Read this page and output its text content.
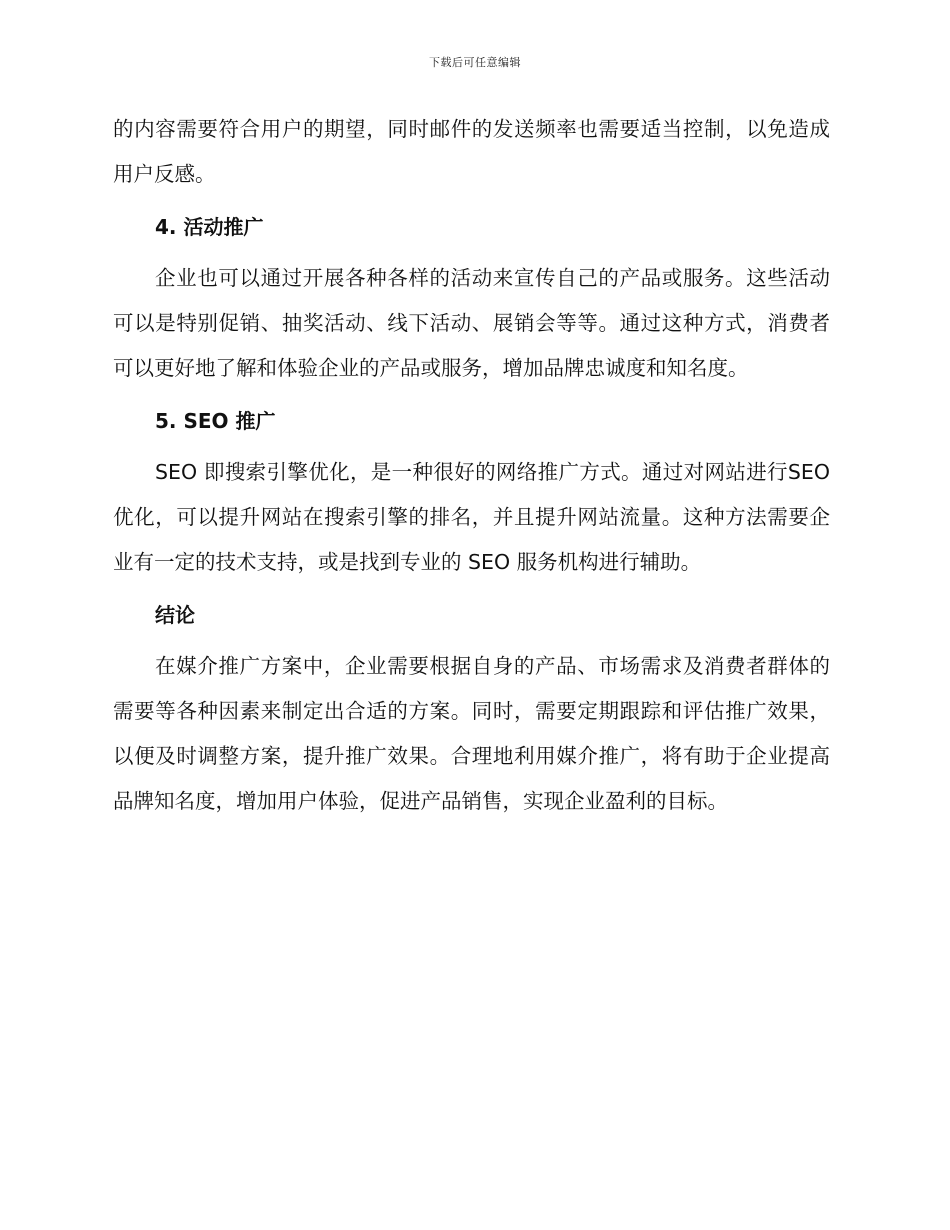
下载后可任意编辑

的内容需要符合用户的期望，同时邮件的发送频率也需要适当控制，以免造成用户反感。

4. 活动推广

企业也可以通过开展各种各样的活动来宣传自己的产品或服务。这些活动可以是特别促销、抽奖活动、线下活动、展销会等等。通过这种方式，消费者可以更好地了解和体验企业的产品或服务，增加品牌忠诚度和知名度。

5. SEO 推广

SEO 即搜索引擎优化，是一种很好的网络推广方式。通过对网站进行SEO 优化，可以提升网站在搜索引擎的排名，并且提升网站流量。这种方法需要企业有一定的技术支持，或是找到专业的 SEO 服务机构进行辅助。

结论

在媒介推广方案中，企业需要根据自身的产品、市场需求及消费者群体的需要等各种因素来制定出合适的方案。同时，需要定期跟踪和评估推广效果，以便及时调整方案，提升推广效果。合理地利用媒介推广，将有助于企业提高品牌知名度，增加用户体验，促进产品销售，实现企业盈利的目标。
